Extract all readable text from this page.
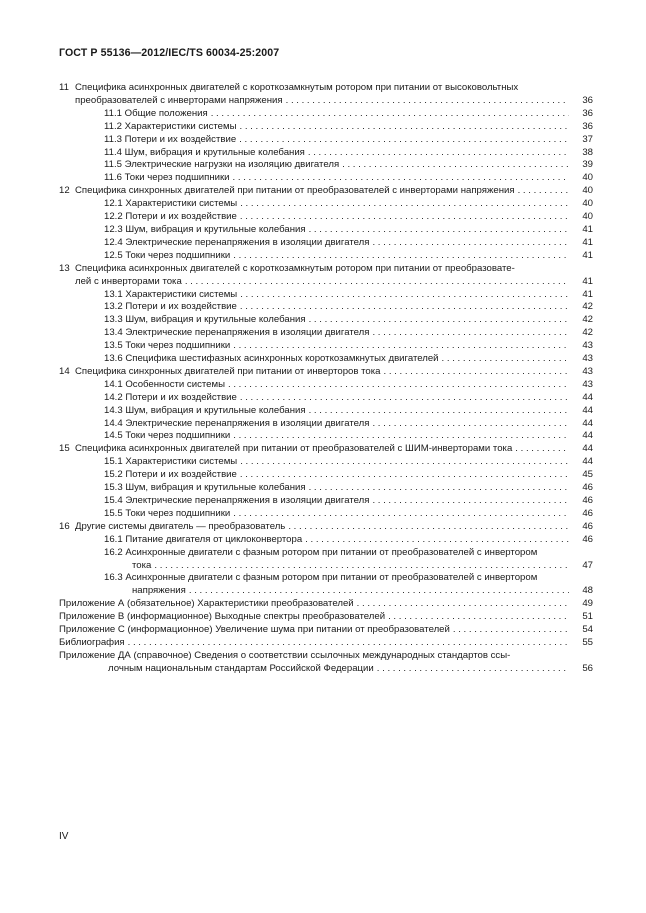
ГОСТ Р 55136—2012/IEC/TS 60034-25:2007
11 Спецификa асинхронных двигателей с короткозамкнутым ротором при питании от высоковольтных
преобразователей с инверторами напряжения . . .	36
11.1 Общие положения . . .	36
11.2 Характеристики системы . . .	36
11.3 Потери и их воздействие . . .	37
11.4 Шум, вибрация и крутильные колебания . . .	38
11.5 Электрические нагрузки на изоляцию двигателя . . .	39
11.6 Токи через подшипники . . .	40
12 Спецификa синхронных двигателей при питании от преобразователей с инверторами напряжения . . .	40
12.1 Характеристики системы . . .	40
12.2 Потери и их воздействие . . .	40
12.3 Шум, вибрация и крутильные колебания . . .	41
12.4 Электрические перенапряжения в изоляции двигателя . . .	41
12.5 Токи через подшипники . . .	41
13 Спецификa асинхронных двигателей с короткозамкнутым ротором при питании от преобразовате-
лей с инверторами тока . . .	41
13.1 Характеристики системы . . .	41
13.2 Потери и их воздействие . . .	42
13.3 Шум, вибрация и крутильные колебания . . .	42
13.4 Электрические перенапряжения в изоляции двигателя . . .	42
13.5 Токи через подшипники . . .	43
13.6 Спецификa шестифазных асинхронных короткозамкнутых двигателей . . .	43
14 Спецификa синхронных двигателей при питании от инверторов тока . . .	43
14.1 Особенности системы . . .	43
14.2 Потери и их воздействие . . .	44
14.3 Шум, вибрация и крутильные колебания . . .	44
14.4 Электрические перенапряжения в изоляции двигателя . . .	44
14.5 Токи через подшипники . . .	44
15 Спецификa асинхронных двигателей при питании от преобразователей с ШИМ-инверторами тока . . .	44
15.1 Характеристики системы . . .	44
15.2 Потери и их воздействие . . .	45
15.3 Шум, вибрация и крутильные колебания . . .	46
15.4 Электрические перенапряжения в изоляции двигателя . . .	46
15.5 Токи через подшипники . . .	46
16 Другие системы двигатель — преобразователь . . .	46
16.1 Питание двигателя от циклоконвертора . . .	46
16.2 Асинхронные двигатели с фазным ротором при питании от преобразователей с инвертором
тока . . .	47
16.3 Асинхронные двигатели с фазным ротором при питании от преобразователей с инвертором
напряжения . . .	48
Приложение А (обязательное) Характеристики преобразователей . . .	49
Приложение В (информационное) Выходные спектры преобразователей . . .	51
Приложение С (информационное) Увеличение шума при питании от преобразователей . . .	54
Библиография . . .	55
Приложение ДА (справочное) Сведения о соответствии ссылочных международных стандартов ссы-
лочным национальным стандартам Российской Федерации . . .	56
IV
